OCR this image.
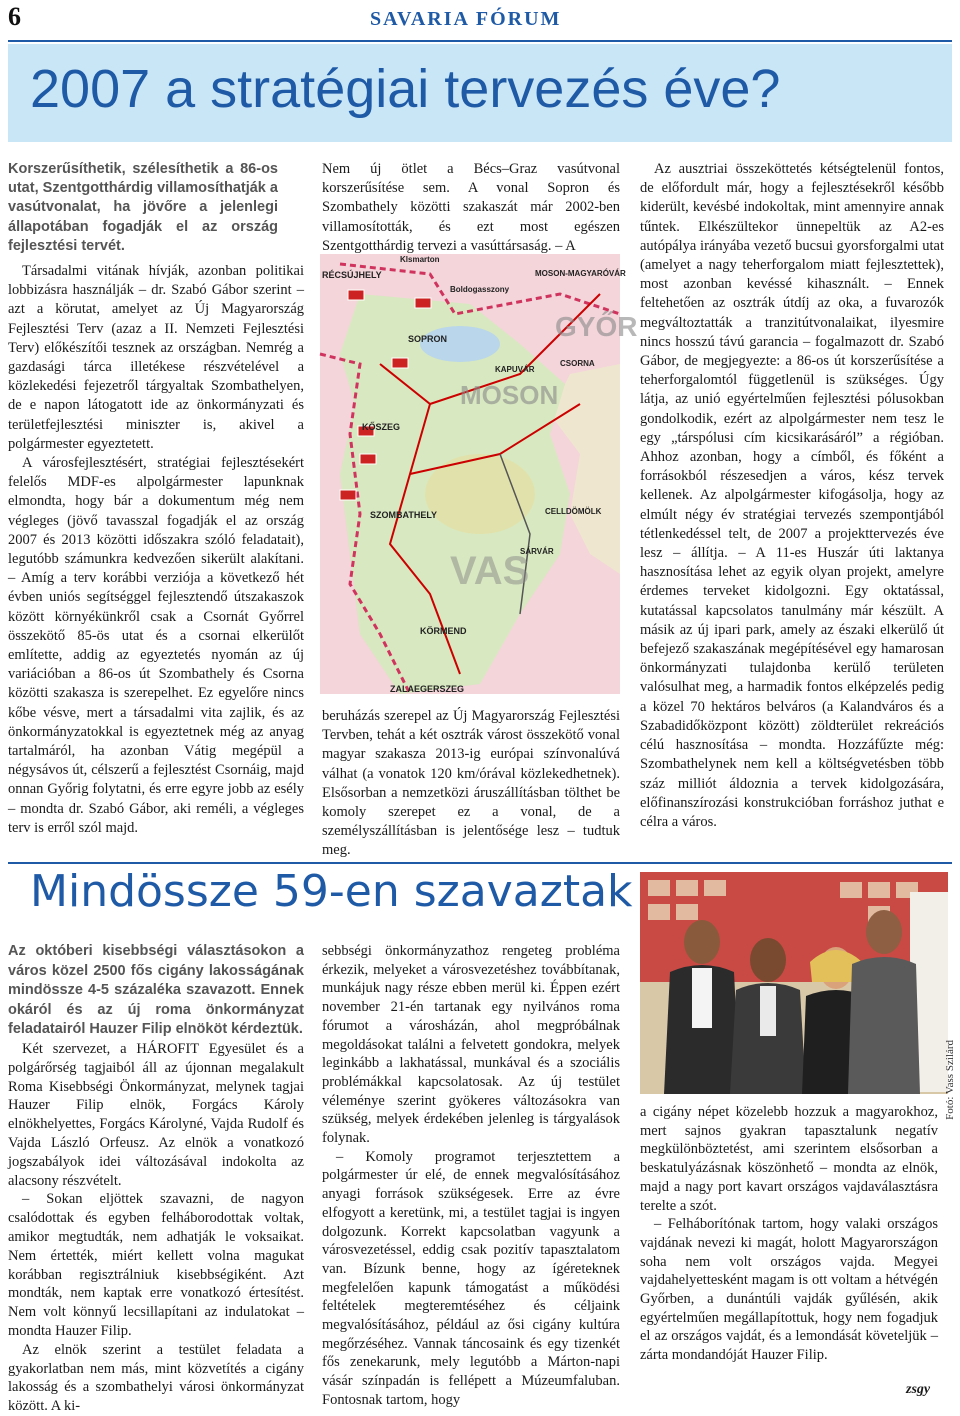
6	SAVARIA FÓRUM
2007 a stratégiai tervezés éve?
Korszerűsíthetik, szélesíthetik a 86-os utat, Szentgotthárdig villamosíthatják a vasútvonalat, ha jövőre a jelenlegi állapotában fogadják el az ország fejlesztési tervét.

Társadalmi vitának hívják, azonban politikai lobbizásra használják – dr. Szabó Gábor szerint – azt a körutat, amelyet az Új Magyarország Fejlesztési Terv (azaz a II. Nemzeti Fejlesztési Terv) előkészítői tesznek az országban. Nemrég a gazdasági tárca illetékese részvételével a közlekedési fejezetről tárgyaltak Szombathelyen, de e napon látogatott ide az önkormányzati és területfejlesztési miniszter is, akivel a polgármester egyeztetett.

A városfejlesztésért, stratégiai fejlesztésekért felelős MDF-es alpolgármester lapunknak elmondta, hogy bár a dokumentum még nem végleges (jövő tavasszal fogadják el az ország 2007 és 2013 közötti időszakra szóló feladatait), legutóbb számunkra kedvezően sikerült alakítani. – Amíg a terv korábbi verziója a következő hét évben uniós segítséggel fejlesztendő útszakaszok között környékünkről csak a Csornát Győrrel összekötő 85-ös utat és a csornai elkerülőt említette, addig az egyeztetés nyomán az új variációban a 86-os út Szombathely és Csorna közötti szakasza is szerepelhet. Ez egyelőre nincs kőbe vésve, mert a társadalmi vita zajlik, és az önkormányzatokkal is egyeztetnek még az anyag tartalmáról, ha azonban Vátig megépül a négysávos út, célszerű a fejlesztést Csornáig, majd onnan Győrig folytatni, és erre egyre jobb az esély – mondta dr. Szabó Gábor, aki reméli, a végleges terv is erről szól majd.

Nem új ötlet a Bécs–Graz vasútvonal korszerűsítése sem. A vonal Sopron és Szombathely közötti szakaszát már 2002-ben villamosították, és ezt most egészen Szentgotthárdig tervezi a vasúttársaság. – A

RÉCSÚJHELY
Klsmarton
Boldogasszony
MOSON-MAGYARÓVÁR
SOPRON	GYŐR
KAPUVÁR
CSORNA
MOSON
KŐSZEG
SZOMBATHELY
KÖRMEND
ZALAEGERSZEG
SÁRVÁR
VAS
CELLDÖMÖLK

beruházás szerepel az Új Magyarország Fejlesztési Tervben, tehát a két osztrák várost összekötő vonal magyar szakasza 2013-ig európai színvonalúvá válhat (a vonatok 120 km/órával közlekedhetnek). Elsősorban a nemzetközi áruszállításban tölthet be komoly szerepet ez a vonal, de a személyszállításban is jelentősége lesz – tudtuk meg.

Az ausztriai összeköttetés kétségtelenül fontos, de előfordult már, hogy a fejlesztésekről később kiderült, kevésbé indokoltak, mint amennyire annak tűntek. Elkészültekor ünnepeltük az A2-es autópálya irányába vezető bucsui gyorsforgalmi utat (amelyet a nagy teherforgalom miatt fejlesztettek), most azonban kevéssé kihasznált. – Ennek feltehetően az osztrák útdíj az oka, a fuvarozók megváltoztatták a tranzitútvonalaikat, ilyesmire nincs hosszú távú garancia – fogalmazott dr. Szabó Gábor, de megjegyezte: a 86-os út korszerűsítése a teherforgalomtól függetlenül is szükséges. Úgy látja, az unió egyértelműen fejlesztési pólusokban gondolkodik, ezért az alpolgármester nem tesz le egy „társpólusi cím kicsikarásáról” a régióban. Ahhoz azonban, hogy a címből, és főként a forrásokból részesedjen a város, kész tervek kellenek. Az alpolgármester kifogásolja, hogy az elmúlt négy év stratégiai tervezés szempontjából tétlenkedéssel telt, de 2007 a projekttervezés éve lesz – állítja. – A 11-es Huszár úti laktanya hasznosítása lehet az egyik olyan projekt, amelyre érdemes terveket kidolgozni. Egy oktatással, kutatással kapcsolatos tanulmány már készült. A másik az új ipari park, amely az északi elkerülő út befejező szakaszának megépítésével egy hamarosan önkormányzati tulajdonba kerülő területen valósulhat meg, a harmadik fontos elképzelés pedig a közel 70 hektáros belváros (a Kalandváros és a Szabadidőközpont között) zöldterület rekreációs célú hasznosítása – mondta. Hozzáfűzte még: Szombathelynek nem kell a költségvetésben több száz milliót áldoznia a tervek kidolgozására, előfinanszírozási konstrukcióban forráshoz juthat e célra a város.

Mindössze 59-en szavaztak
Az októberi kisebbségi választásokon a város közel 2500 fős cigány lakosságának mindössze 4-5 százaléka szavazott. Ennek okáról és az új roma önkormányzat feladatairól Hauzer Filip elnököt kérdeztük.

Két szervezet, a HÁROFIT Egyesület és a polgárőrség tagjaiból áll az újonnan megalakult Roma Kisebbségi Önkormányzat, melynek tagjai Hauzer Filip elnök, Forgács Károly elnökhelyettes, Forgács Károlyné, Vajda Rudolf és Vajda László Orfeusz. Az elnök a vonatkozó jogszabályok idei változásával indokolta az alacsony részvételt.

– Sokan eljöttek szavazni, de nagyon csalódottak és egyben felháborodottak voltak, amikor megtudták, nem adhatják le voksaikat. Nem értették, miért kellett volna magukat korábban regisztrálniuk kisebbségiként. Azt mondták, nem kaptak erre vonatkozó értesítést. Nem volt könnyű lecsillapítani az indulatokat – mondta Hauzer Filip.

Az elnök szerint a testület feladata a gyakorlatban nem más, mint közvetítés a cigány lakosság és a szombathelyi városi önkormányzat között. A ki-

sebbségi önkormányzathoz rengeteg probléma érkezik, melyeket a városvezetéshez továbbítanak, munkájuk nagy része ebben merül ki. Éppen ezért november 21-én tartanak egy nyilvános roma fórumot a városházán, ahol megpróbálnak megoldásokat találni a felvetett gondokra, melyek leginkább a lakhatással, munkával és a szociális problémákkal kapcsolatosak. Az új testület véleménye szerint gyökeres változásokra van szükség, melyek érdekében jelenleg is tárgyalások folynak.

– Komoly programot terjesztettem a polgármester úr elé, de ennek megvalósításához anyagi források szükségesek. Erre az évre elfogyott a keretünk, mi, a testület tagjai is ingyen dolgozunk. Korrekt kapcsolatban vagyunk a városvezetéssel, eddig csak pozitív tapasztalatom van. Bízunk benne, hogy az ígéreteknek megfelelően kapunk támogatást a működési feltételek megteremtéséhez és céljaink megvalósításához, például az ősi cigány kultúra megőrzéséhez. Vannak táncosaink és egy tizenkét fős zenekarunk, mely legutóbb a Márton-napi vásár színpadán is fellépett a Múzeumfaluban. Fontosnak tartom, hogy

Fotó: Vass Szilárd

a cigány népet közelebb hozzuk a magyarokhoz, mert sajnos gyakran tapasztalunk negatív megkülönböztetést, ami szerintem elsősorban a beskatulyázásnak köszönhető – mondta az elnök, majd a nagy port kavart országos vajdaválasztásra terelte a szót.

– Felháborítónak tartom, hogy valaki országos vajdának nevezi ki magát, holott Magyarországon soha nem volt országos vajda. Megyei vajdahelyettesként magam is ott voltam a hétvégén Győrben, a dunántúli vajdák gyűlésén, akik egyértelműen megállapítottuk, hogy nem fogadjuk el az országos vajdát, és a lemondását követeljük – zárta mondandóját Hauzer Filip.

zsgy
